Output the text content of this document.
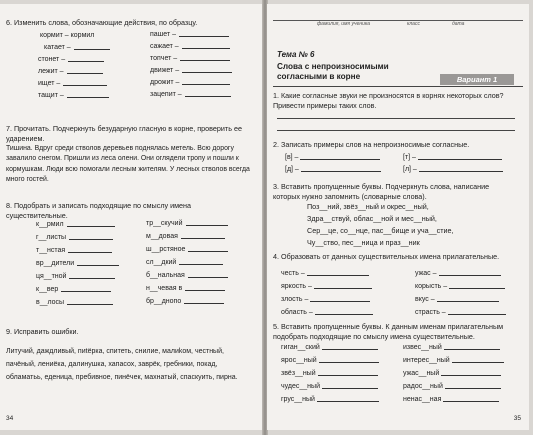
6. Изменить слова, обозначающие действия, по образцу.
кормит – кормил	пашет –
катает –	сажает –
стонет –	топчет –
лежит –	движет –
ищет –	дрожит –
тащит –	зацепит –
7. Прочитать. Подчеркнуть безударную гласную в корне, проверить ее ударением.
Тишина. Вдруг среди стволов деревьев поднялась метель. Всю дорогу завалило снегом. Пришли из леса олени. Они оглядели тропу и пошли к кормушкам. Люди всю помогали лесным жителям. У лесных стволов всегда много гостей.
8. Подобрать и записать подходящие по смыслу имена существительные.
к__рмил	тр__скучий
г__листы	м__довая
т__нстая	ш__рстяное
вр__дители	сл__дкий
ця__тной	б__нальная
к__вер	н__чевая в
в__лосы	бр__днопо
9. Исправить ошибки.
Литучий, даждливый, пиtёрка, спитеть, снилие, малиkом, честный, пачёный, лениёка, далинушка, хапасох, заврёк, гребники, покад, обламатьь, еденица, пребивное, пинёчек, махнатый, спаскуить, пирна.
34
фамилия, имя ученика	класс	дата
Тема № 6
Слова с непроизносимыми
согласными в корне	Вариант 1
1. Какие согласные звуки не произносятся в корнях некоторых слов? Привести примеры таких слов.
2. Записать примеры слов на непроизносимые согласные.
[в] –	[т] –
[д] –	[л] –
3. Вставить пропущенные буквы. Подчеркнуть слова, написание которых нужно запомнить (словарные слова).
Поз__ний, звёз__ный и окрес__ный,
Здра__ствуй, облас__ной и мес__ный,
Сер__це, со__нце, пас__бище и уча__стие,
Чу__ство, пес__ница и праз__ник
4. Образовать от данных существительных имена прилагательные.
честь –	ужас –
яркость –	корысть –
злость –	вкус –
область –	страсть –
5. Вставить пропущенные буквы. К данным именам прилагательным подобрать подходящие по смыслу имена существительные.
гиган__ский	извес__ный
ярос__ный	интерес__ный
звёз__ный	ужас__ный
чудес__ный	радос__ный
грус__ный	ненас__ная
35
